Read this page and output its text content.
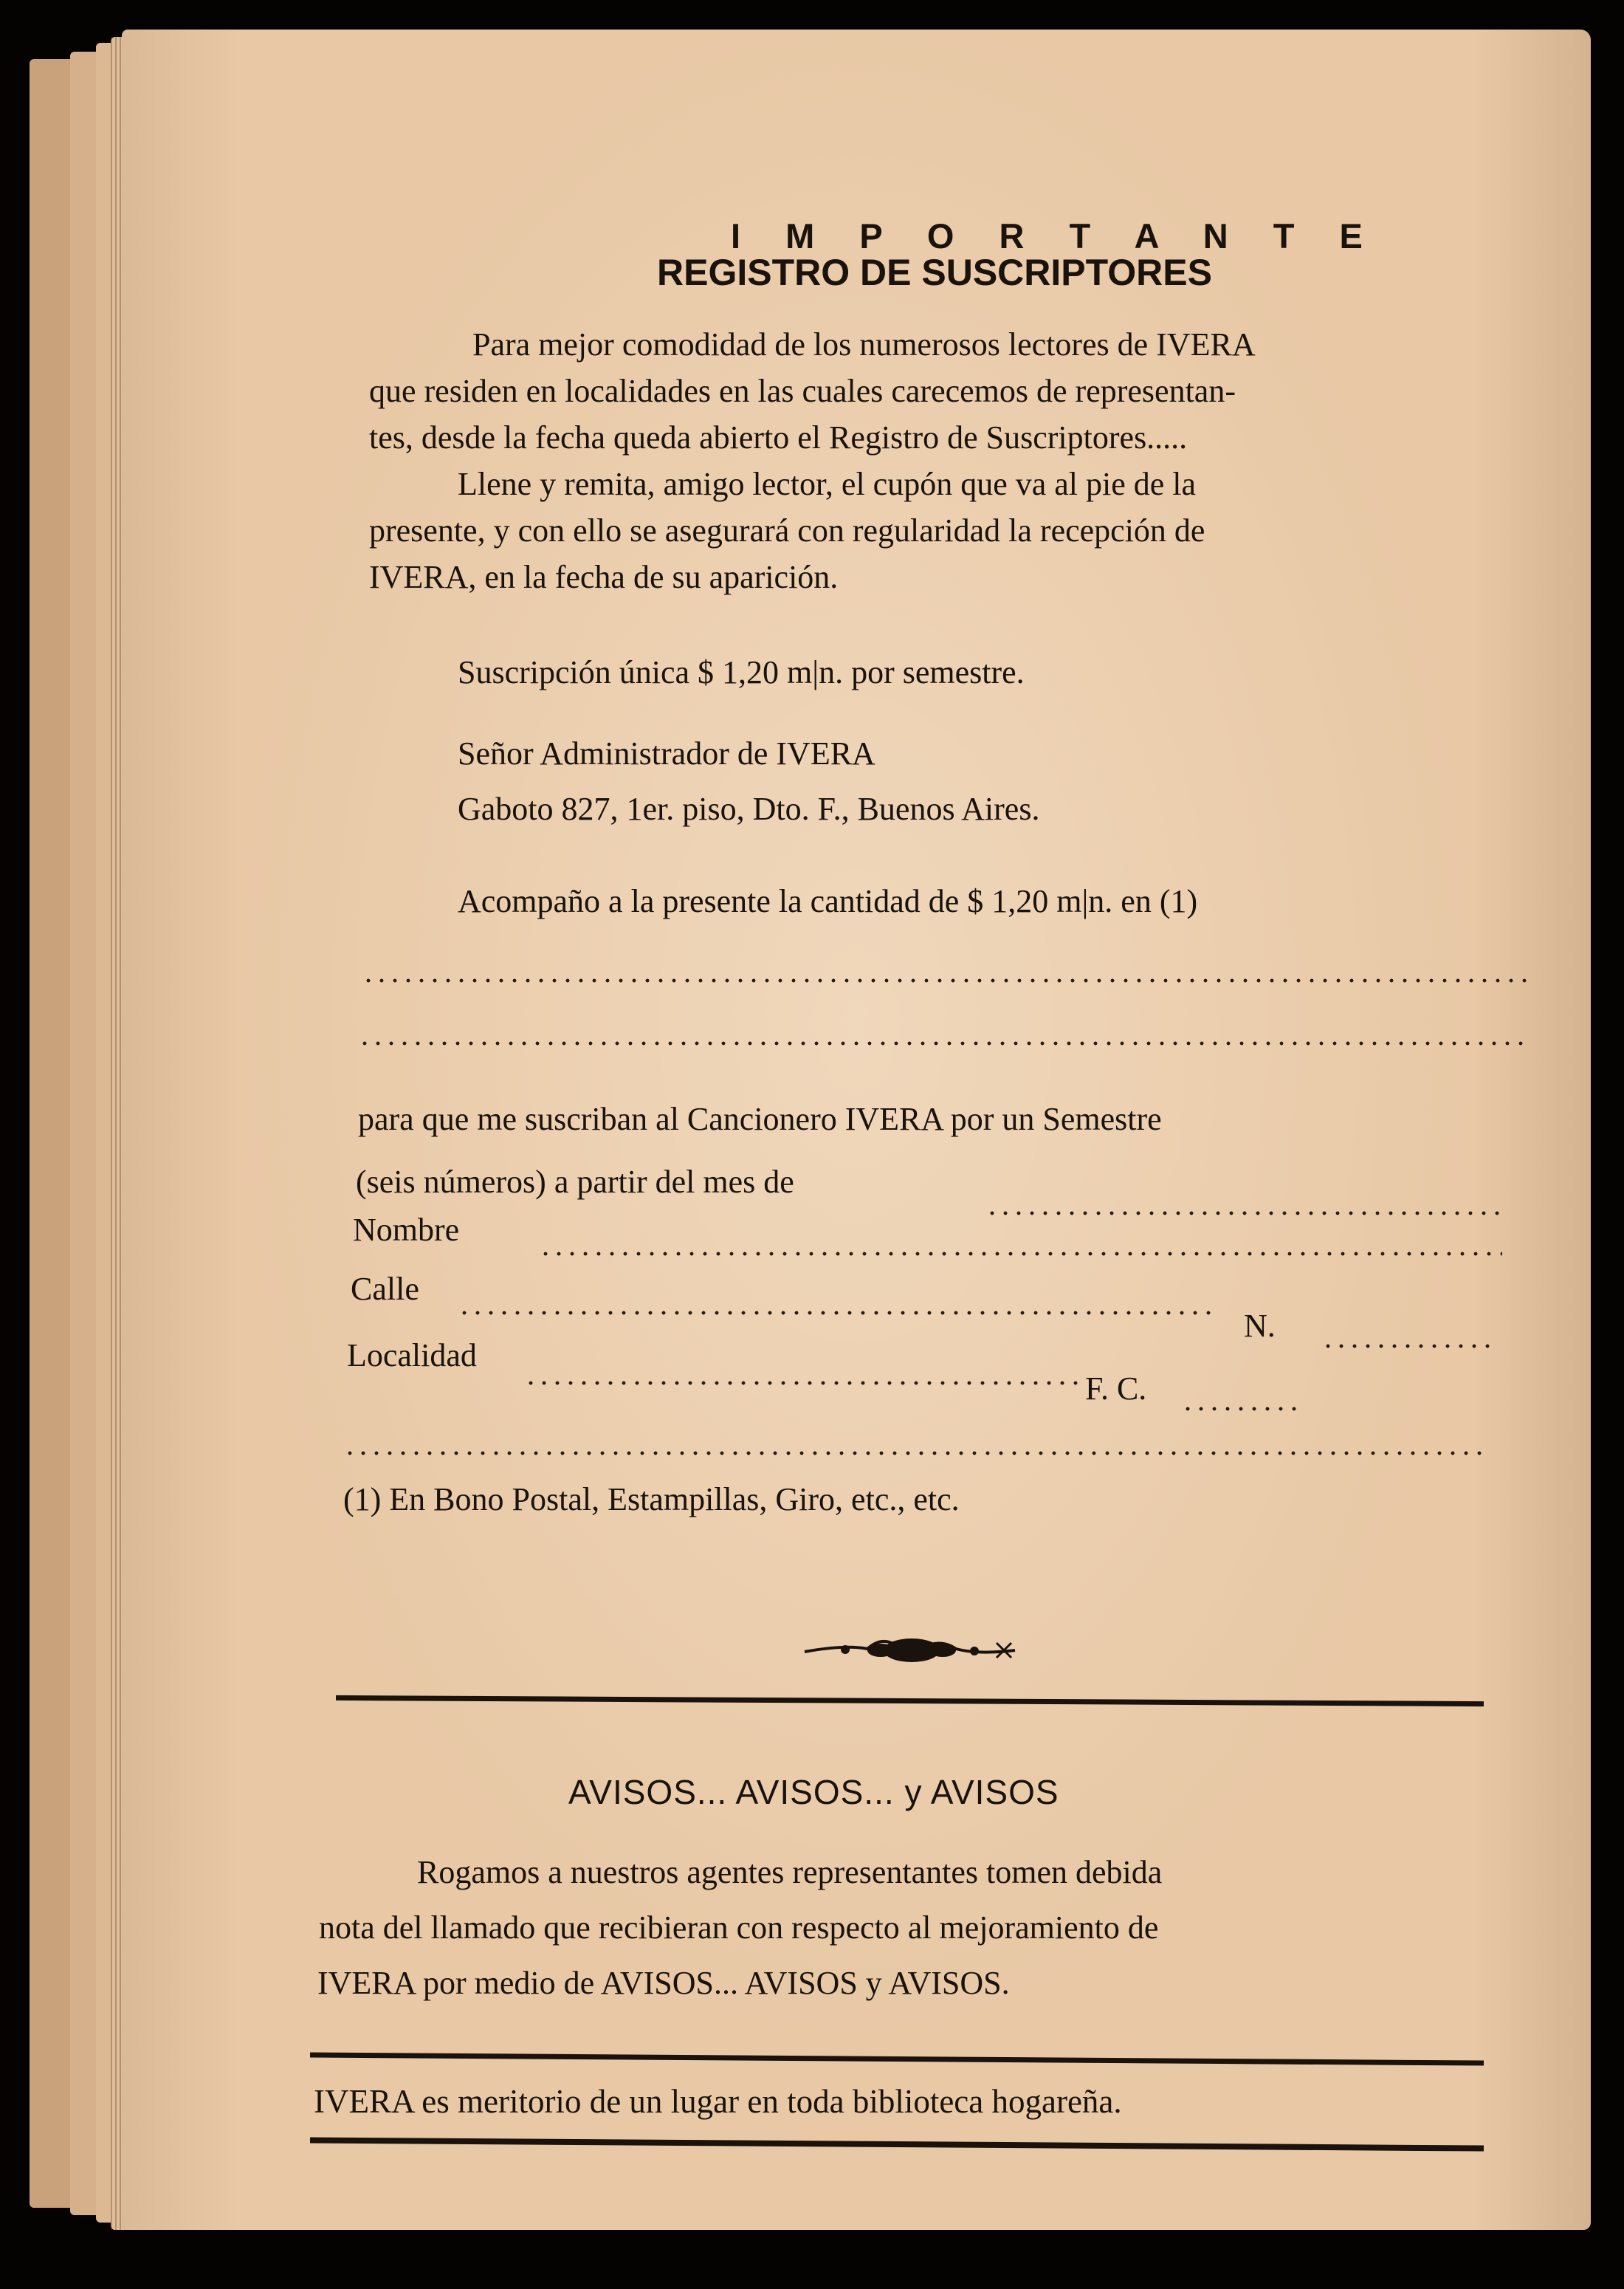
I M P O R T A N T E
REGISTRO DE SUSCRIPTORES
Para mejor comodidad de los numerosos lectores de IVERA
que residen en localidades en las cuales carecemos de representan-
tes, desde la fecha queda abierto el Registro de Suscriptores.....
Llene y remita, amigo lector, el cupón que va al pie de la
presente, y con ello se asegurará con regularidad la recepción de
IVERA, en la fecha de su aparición.
Suscripción única $ 1,20 m|n. por semestre.
Señor Administrador de IVERA
Gaboto 827, 1er. piso, Dto. F., Buenos Aires.
Acompaño a la presente la cantidad de $ 1,20 m|n. en (1)
para que me suscriban al Cancionero IVERA por un Semestre
(seis números) a partir del mes de
Nombre
Calle
N.
Localidad
F. C.
(1) En Bono Postal, Estampillas, Giro, etc., etc.
AVISOS... AVISOS... y AVISOS
Rogamos a nuestros agentes representantes tomen debida
nota del llamado que recibieran con respecto al mejoramiento de
IVERA por medio de AVISOS... AVISOS y AVISOS.
IVERA es meritorio de un lugar en toda biblioteca hogareña.
